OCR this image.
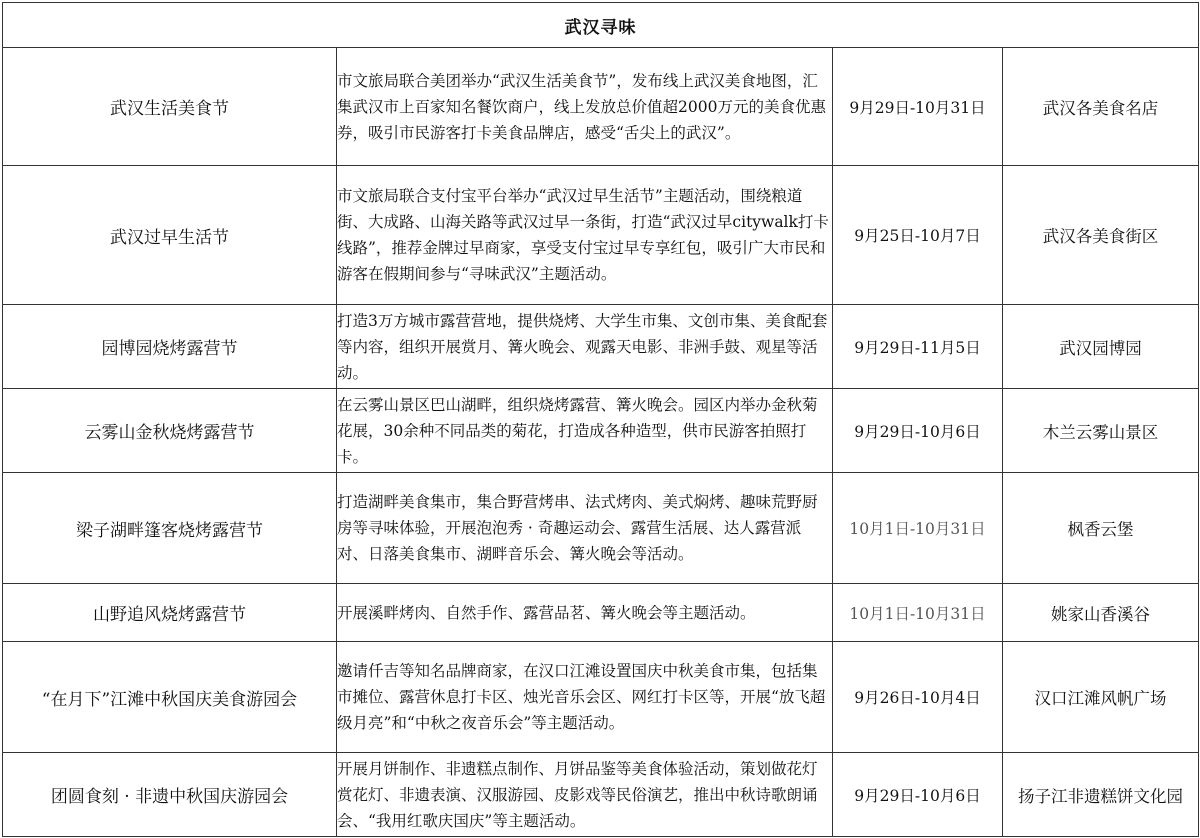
武汉寻味			
武汉生活美食节	市文旅局联合美团举办“武汉生活美食节”，发布线上武汉美食地图，汇集武汉市上百家知名餐饮商户，线上发放总价值超2000万元的美食优惠券，吸引市民游客打卡美食品牌店，感受“舌尖上的武汉”。	9月29日-10月31日	武汉各美食名店
武汉过早生活节	市文旅局联合支付宝平台举办“武汉过早生活节”主题活动，围绕粮道街、大成路、山海关路等武汉过早一条街，打造“武汉过早citywalk打卡线路”，推荐金牌过早商家，享受支付宝过早专享红包，吸引广大市民和游客在假期间参与“寻味武汉”主题活动。	9月25日-10月7日	武汉各美食街区
园博园烧烤露营节	打造3万方城市露营营地，提供烧烤、大学生市集、文创市集、美食配套等内容，组织开展赏月、篝火晚会、观露天电影、非洲手鼓、观星等活动。	9月29日-11月5日	武汉园博园
云雾山金秋烧烤露营节	在云雾山景区巴山湖畔，组织烧烤露营、篝火晚会。园区内举办金秋菊花展，30余种不同品类的菊花，打造成各种造型，供市民游客拍照打卡。	9月29日-10月6日	木兰云雾山景区
梁子湖畔篷客烧烤露营节	打造湖畔美食集市，集合野营烤串、法式烤肉、美式焖烤、趣味荒野厨房等寻味体验，开展泡泡秀 · 奇趣运动会、露营生活展、达人露营派对、日落美食集市、湖畔音乐会、篝火晚会等活动。	10月1日-10月31日	枫香云堡
山野追风烧烤露营节	开展溪畔烤肉、自然手作、露营品茗、篝火晚会等主题活动。	10月1日-10月31日	姚家山香溪谷
“在月下”江滩中秋国庆美食游园会	邀请仟吉等知名品牌商家，在汉口江滩设置国庆中秋美食市集，包括集市摊位、露营休息打卡区、烛光音乐会区、网红打卡区等，开展“放飞超级月亮”和“中秋之夜音乐会”等主题活动。	9月26日-10月4日	汉口江滩风帆广场
团圆食刻 · 非遗中秋国庆游园会	开展月饼制作、非遗糕点制作、月饼品鉴等美食体验活动，策划做花灯赏花灯、非遗表演、汉服游园、皮影戏等民俗演艺，推出中秋诗歌朗诵会、“我用红歌庆国庆”等主题活动。	9月29日-10月6日	扬子江非遗糕饼文化园
